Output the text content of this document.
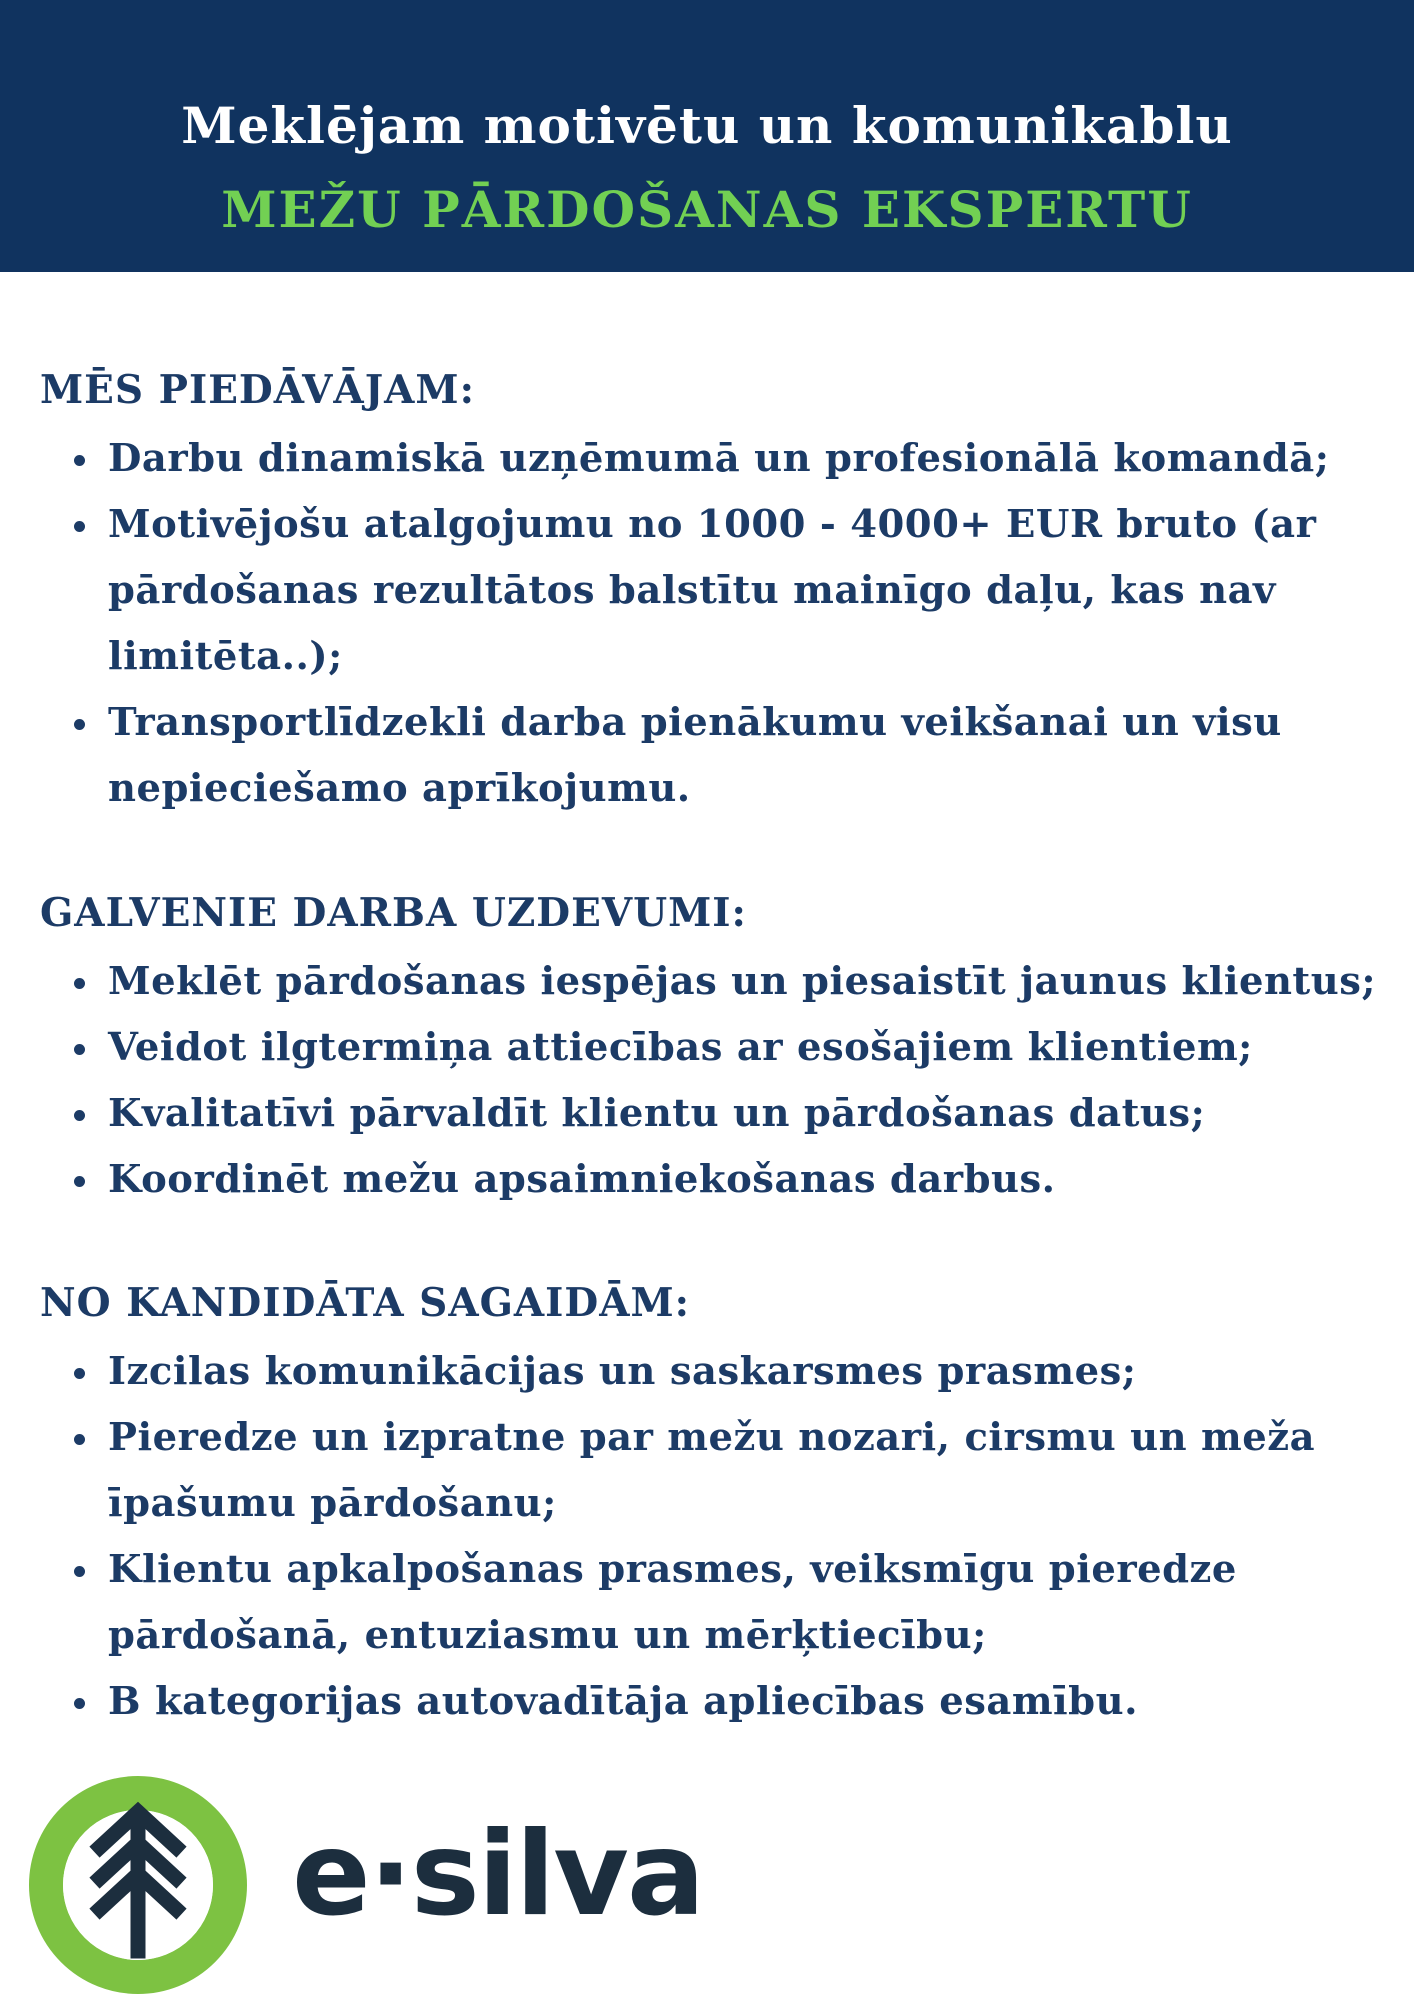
Meklējam motivētu un komunikablu
MEŽU PĀRDOŠANAS EKSPERTU
MĒS PIEDĀVĀJAM:
Darbu dinamiskā uzņēmumā un profesionālā komandā;
Motivējošu atalgojumu no 1000 - 4000+ EUR bruto (ar pārdošanas rezultātos balstītu mainīgo daļu, kas nav limitēta..);
Transportlīdzekli darba pienākumu veikšanai un visu nepieciešamo aprīkojumu.
GALVENIE DARBA UZDEVUMI:
Meklēt pārdošanas iespējas un piesaistīt jaunus klientus;
Veidot ilgtermiņa attiecības ar esošajiem klientiem;
Kvalitatīvi pārvaldīt klientu un pārdošanas datus;
Koordinēt mežu apsaimniekošanas darbus.
NO KANDIDĀTA SAGAIDĀM:
Izcilas komunikācijas un saskarsmes prasmes;
Pieredze un izpratne par mežu nozari, cirsmu un meža īpašumu pārdošanu;
Klientu apkalpošanas prasmes, veiksmīgu pieredze pārdošanā, entuziasmu un mērķtiecību;
B kategorijas autovadītāja apliecības esamību.
e·silva
